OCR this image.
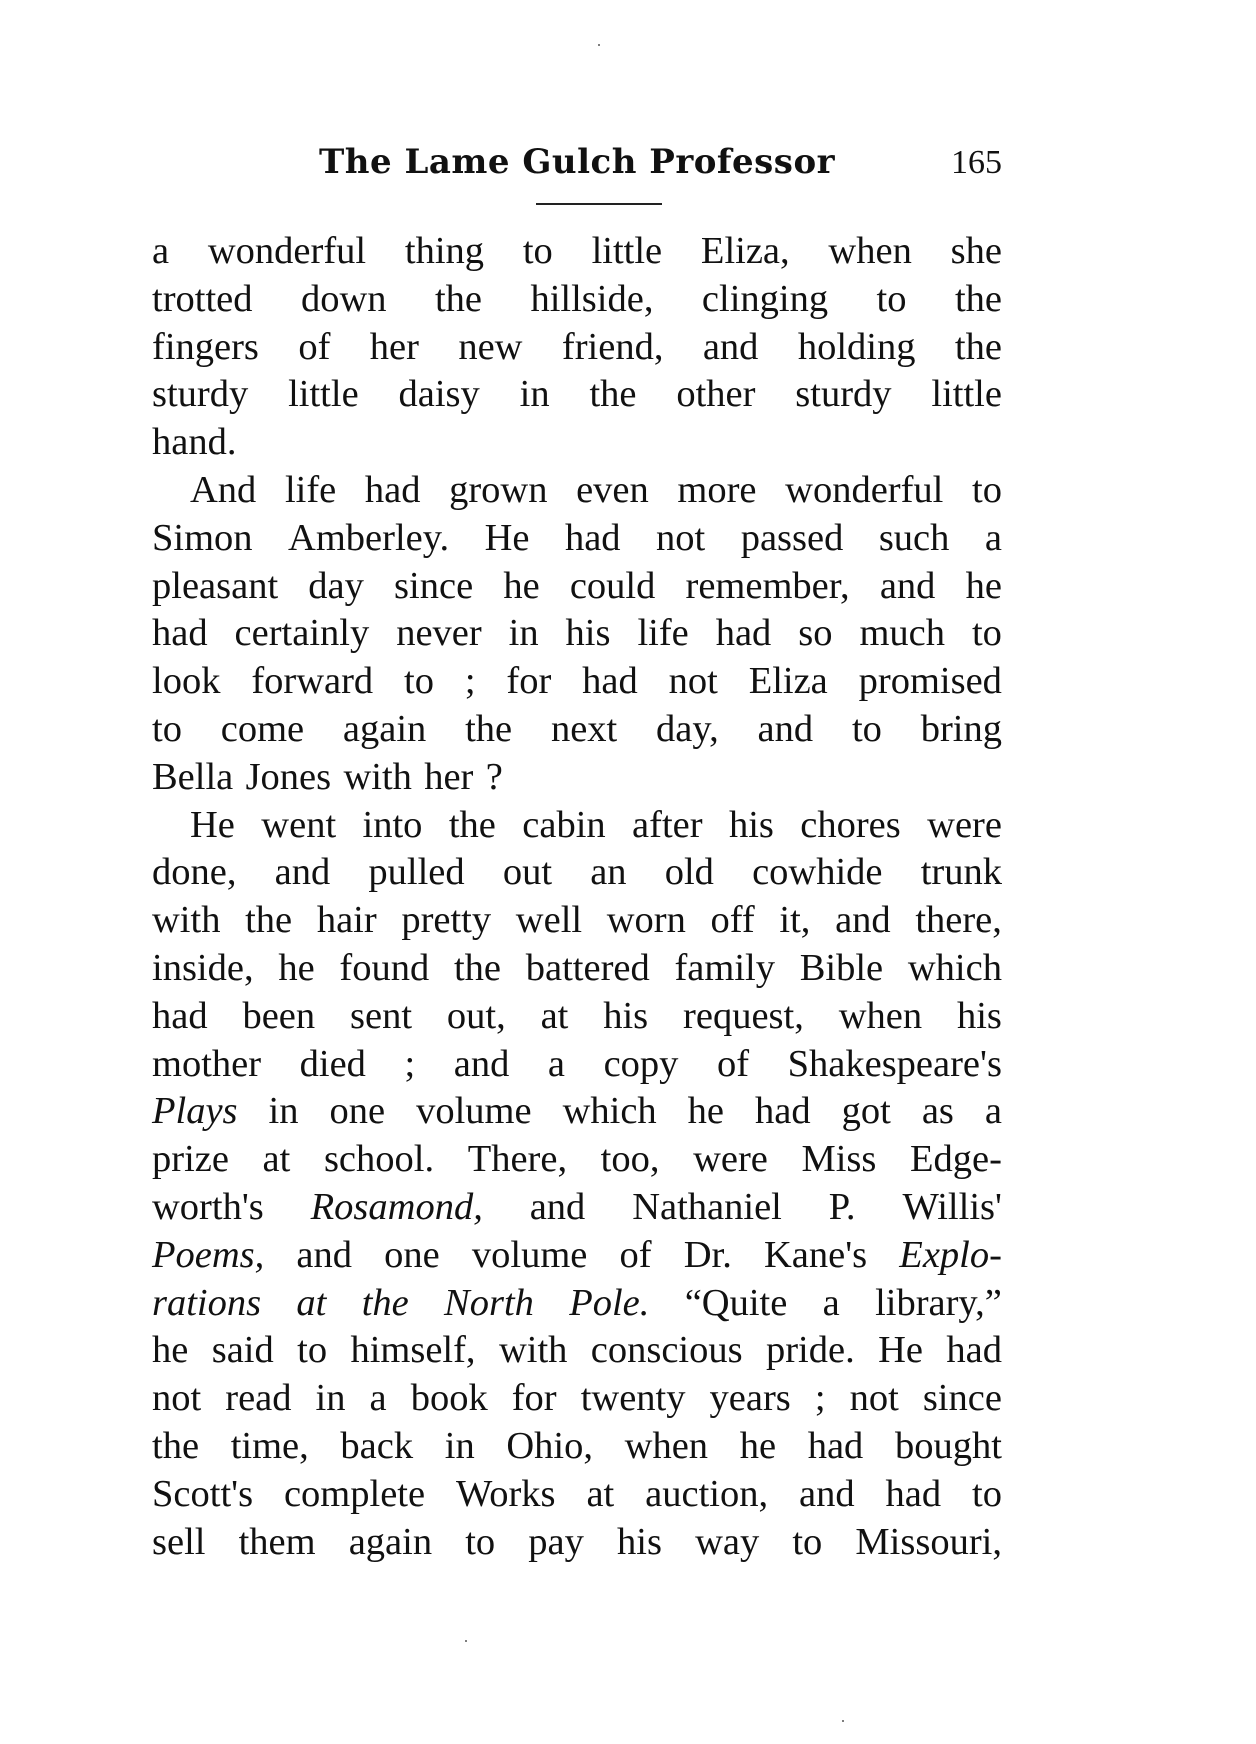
The Lame Gulch Professor	165
a wonderful thing to little Eliza, when she
trotted down the hillside, clinging to the
fingers of her new friend, and holding the
sturdy little daisy in the other sturdy little
hand.
And life had grown even more wonderful to
Simon Amberley. He had not passed such a
pleasant day since he could remember, and he
had certainly never in his life had so much to
look forward to ; for had not Eliza promised
to come again the next day, and to bring
Bella Jones with her ?
He went into the cabin after his chores were
done, and pulled out an old cowhide trunk
with the hair pretty well worn off it, and there,
inside, he found the battered family Bible which
had been sent out, at his request, when his
mother died ; and a copy of Shakespeare's
Plays in one volume which he had got as a
prize at school. There, too, were Miss Edge-
worth's Rosamond, and Nathaniel P. Willis'
Poems, and one volume of Dr. Kane's Explo-
rations at the North Pole. “Quite a library,”
he said to himself, with conscious pride. He had
not read in a book for twenty years ; not since
the time, back in Ohio, when he had bought
Scott's complete Works at auction, and had to
sell them again to pay his way to Missouri,
